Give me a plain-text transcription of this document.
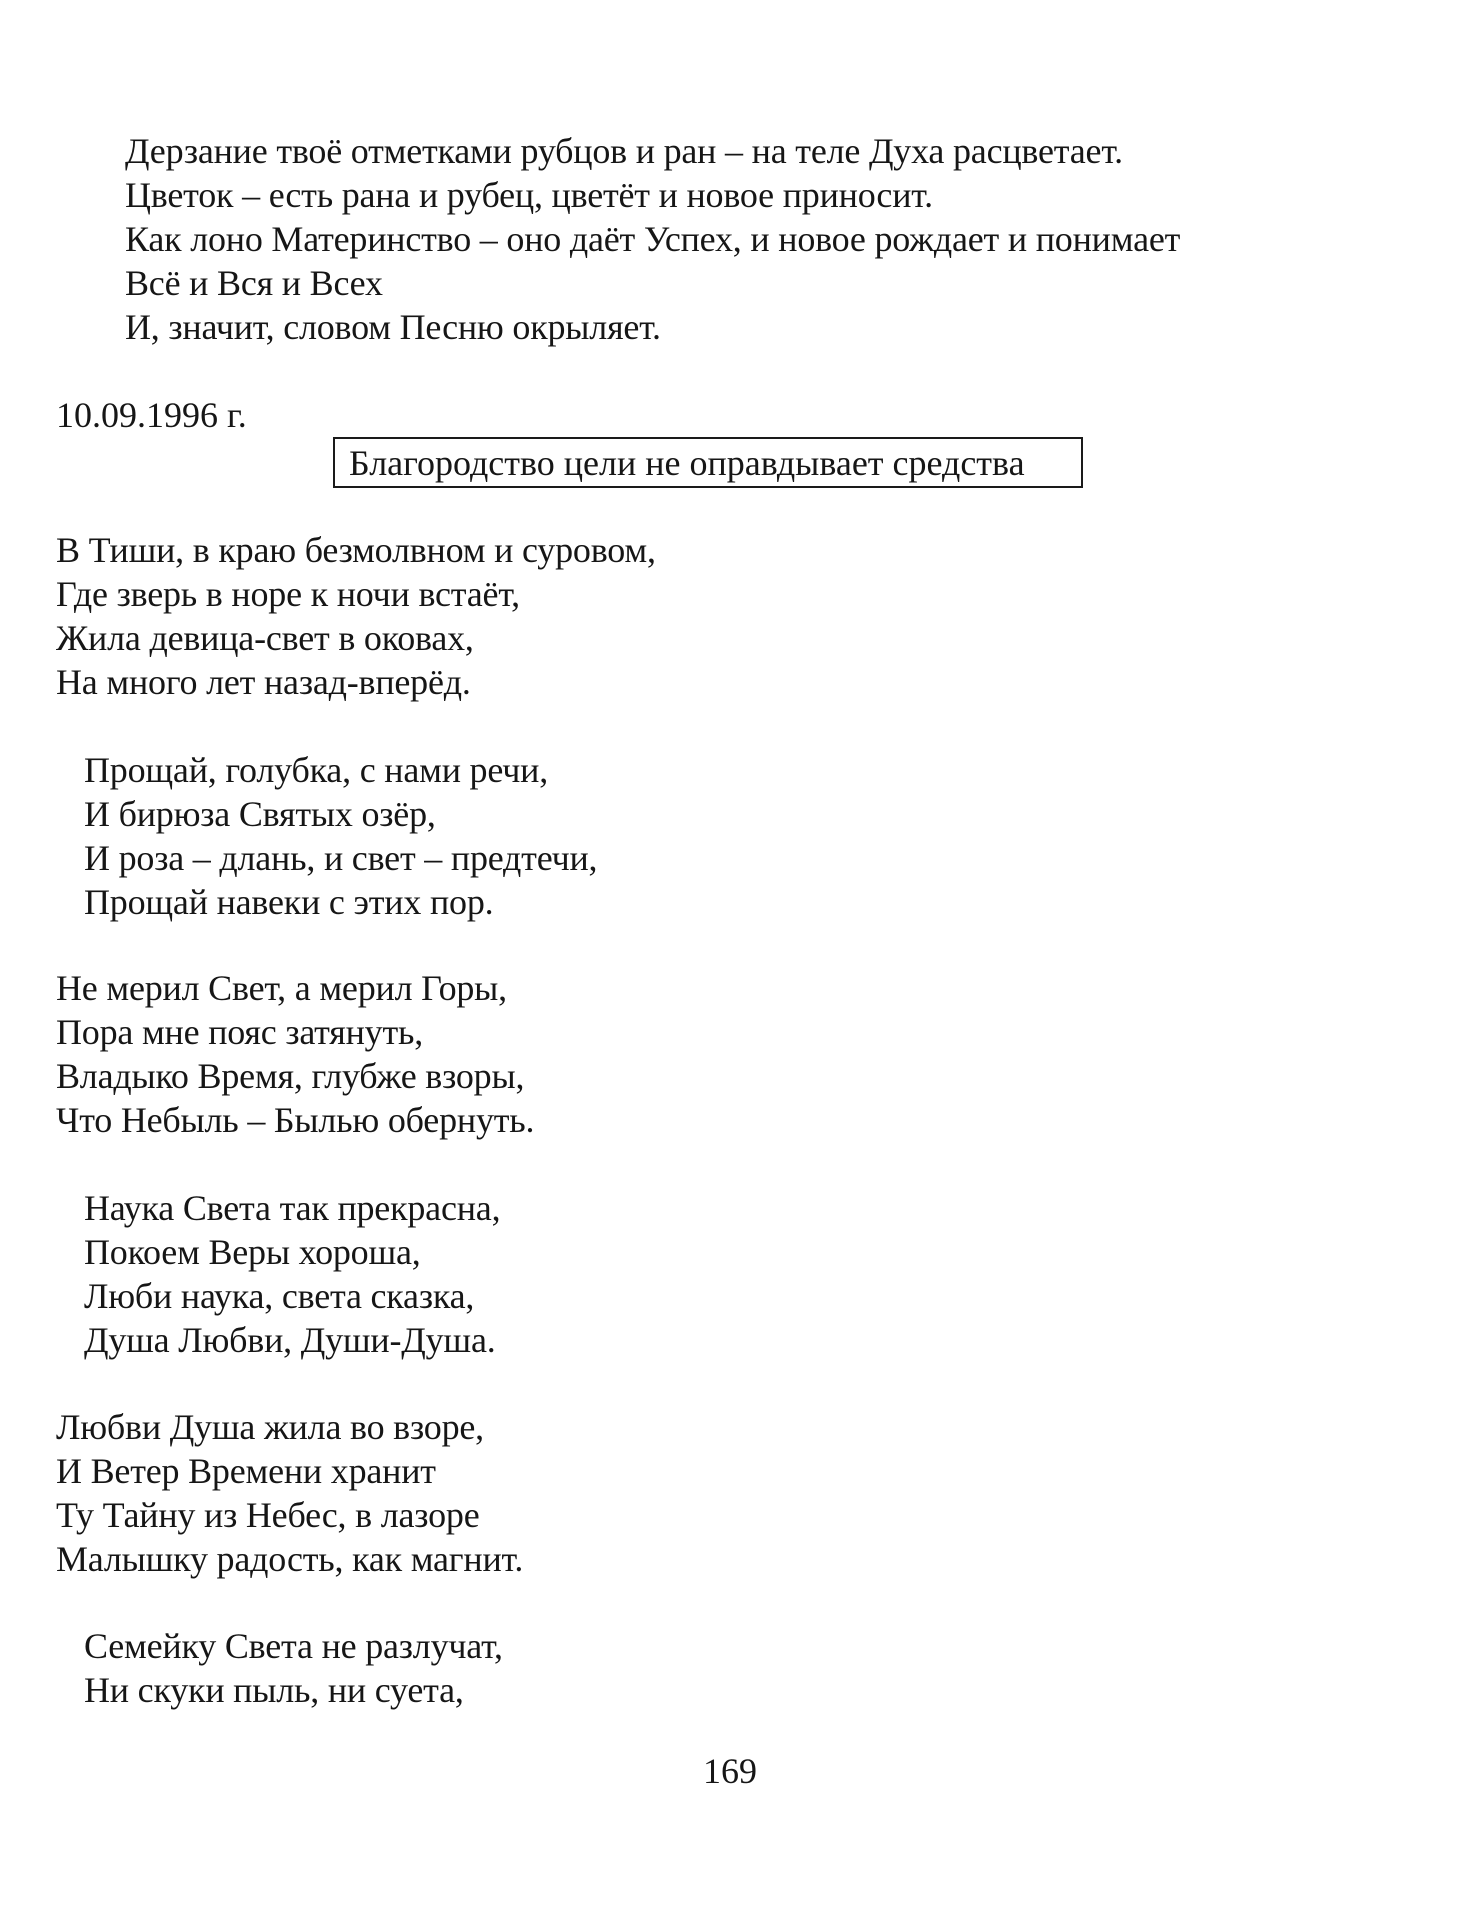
Дерзание твоё отметками рубцов и ран – на теле Духа расцветает.
Цветок – есть рана и рубец, цветёт и новое приносит.
Как лоно Материнство – оно даёт Успех, и новое рождает и понимает
Всё и Вся и Всех
И, значит, словом Песню окрыляет.
10.09.1996 г.
Благородство цели не оправдывает средства
В Тиши, в краю безмолвном и суровом,
Где зверь в норе к ночи встаёт,
Жила девица-свет в оковах,
На много лет назад-вперёд.
Прощай, голубка, с нами речи,
И бирюза Святых озёр,
И роза – длань, и свет – предтечи,
Прощай навеки с этих пор.
Не мерил Свет, а мерил Горы,
Пора мне пояс затянуть,
Владыко Время, глубже взоры,
Что Небыль – Былью обернуть.
Наука Света так прекрасна,
Покоем Веры хороша,
Люби наука, света сказка,
Душа Любви, Души-Душа.
Любви Душа жила во взоре,
И Ветер Времени хранит
Ту Тайну из Небес, в лазоре
Малышку радость, как магнит.
Семейку Света не разлучат,
Ни скуки пыль, ни суета,
169
